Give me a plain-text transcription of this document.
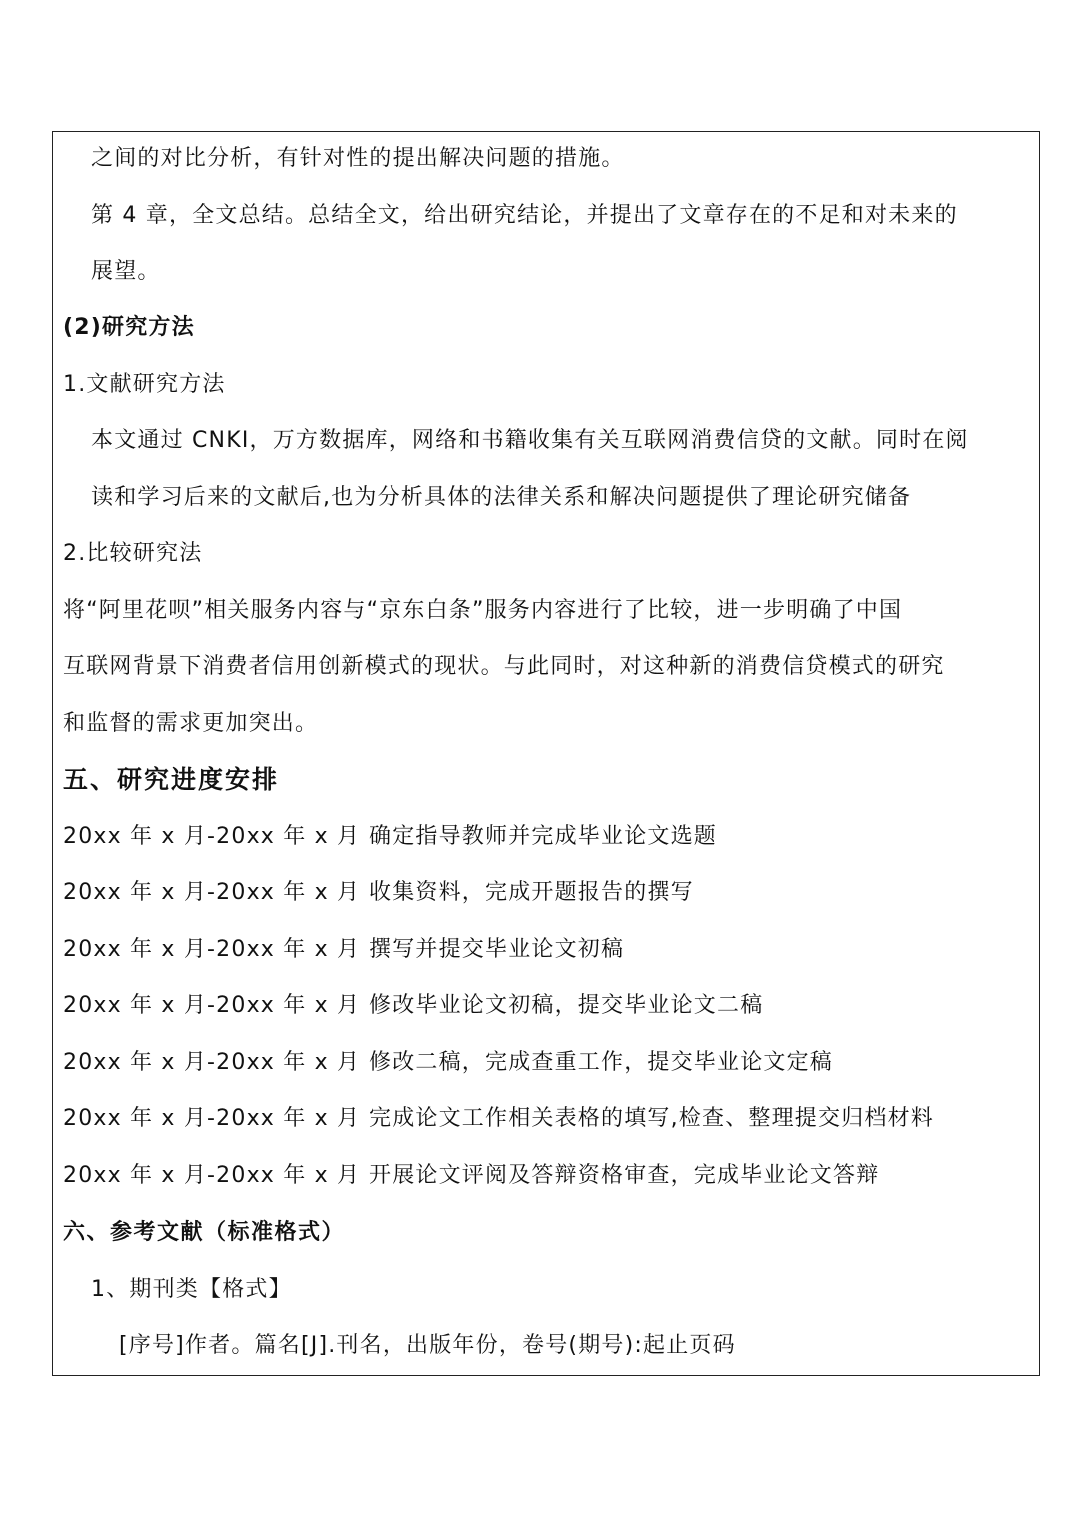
之间的对比分析，有针对性的提出解决问题的措施。
第 4 章，全文总结。总结全文，给出研究结论，并提出了文章存在的不足和对未来的
展望。
(2)研究方法
1.文献研究方法
本文通过 CNKI，万方数据库，网络和书籍收集有关互联网消费信贷的文献。同时在阅
读和学习后来的文献后,也为分析具体的法律关系和解决问题提供了理论研究储备
2.比较研究法
将“阿里花呗”相关服务内容与“京东白条”服务内容进行了比较，进一步明确了中国
互联网背景下消费者信用创新模式的现状。与此同时，对这种新的消费信贷模式的研究
和监督的需求更加突出。
五、研究进度安排
20xx 年 x 月-20xx 年 x 月 确定指导教师并完成毕业论文选题
20xx 年 x 月-20xx 年 x 月 收集资料，完成开题报告的撰写
20xx 年 x 月-20xx 年 x 月 撰写并提交毕业论文初稿
20xx 年 x 月-20xx 年 x 月 修改毕业论文初稿，提交毕业论文二稿
20xx 年 x 月-20xx 年 x 月 修改二稿，完成查重工作，提交毕业论文定稿
20xx 年 x 月-20xx 年 x 月 完成论文工作相关表格的填写,检查、整理提交归档材料
20xx 年 x 月-20xx 年 x 月 开展论文评阅及答辩资格审查，完成毕业论文答辩
六、参考文献（标准格式）
1、期刊类【格式】
[序号]作者。篇名[J].刊名，出版年份，卷号(期号):起止页码
